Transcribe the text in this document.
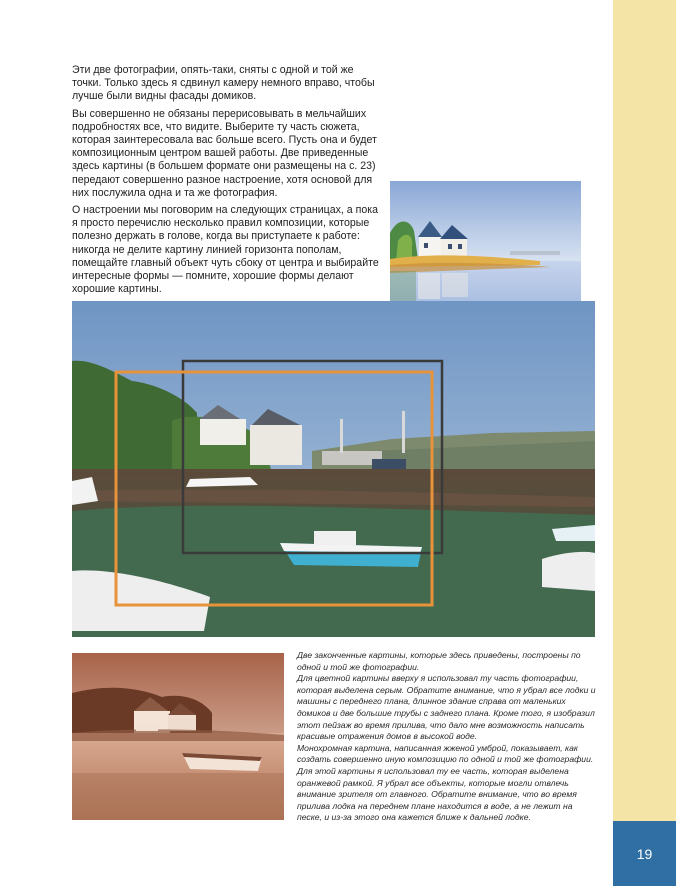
19

Эти две фотографии, опять-таки, сняты с одной и той же точки. Только здесь я сдвинул камеру немного вправо, чтобы лучше были видны фасады домиков.

Вы совершенно не обязаны перерисовывать в мельчайших подробностях все, что видите. Выберите ту часть сюжета, которая заинтересовала вас больше всего. Пусть она и будет композиционным центром вашей работы. Две приведенные здесь картины (в большем формате они размещены на с. 23) передают совершенно разное настроение, хотя основой для них послужила одна и та же фотография.

О настроении мы поговорим на следующих страницах, а пока я просто перечислю несколько правил композиции, которые полезно держать в голове, когда вы приступаете к работе: никогда не делите картину линией горизонта пополам, помещайте главный объект чуть сбоку от центра и выбирайте интересные формы — помните, хорошие формы делают хорошие картины.

Две законченные картины, которые здесь приведены, построены по одной и той же фотографии.

Для цветной картины вверху я использовал ту часть фотографии, которая выделена серым. Обратите внимание, что я убрал все лодки и машины с переднего плана, длинное здание справа от маленьких домиков и две большие трубы с заднего плана. Кроме того, я изобразил этот пейзаж во время прилива, что дало мне возможность написать красивые отражения домов в высокой воде.

Монохромная картина, написанная жженой умброй, показывает, как создать совершенно иную композицию по одной и той же фотографии. Для этой картины я использовал ту ее часть, которая выделена оранжевой рамкой. Я убрал все объекты, которые могли отвлечь внимание зрителя от главного. Обратите внимание, что во время прилива лодка на переднем плане находится в воде, а не лежит на песке, и из-за этого она кажется ближе к дальней лодке.
